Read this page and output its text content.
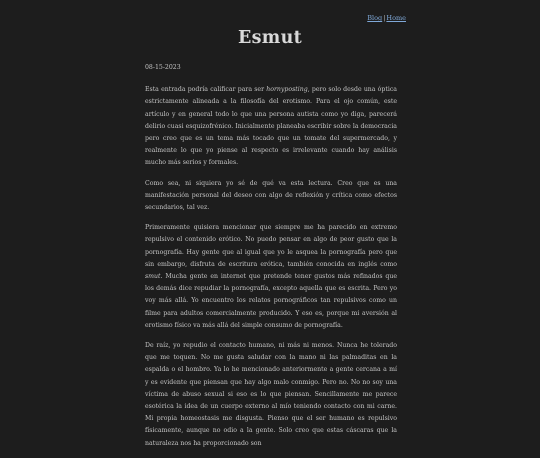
Blog|Home
Esmut
08-15-2023

Esta entrada podría calificar para ser hornyposting, pero solo desde una óptica estrictamente alineada a la filosofía del erotismo. Para el ojo común, este artículo y en general todo lo que una persona autista como yo diga, parecerá delirio cuasi esquizofrénico. Inicialmente planeaba escribir sobre la democracia pero creo que es un tema más tocado que un tomate del supermercado, y realmente lo que yo piense al respecto es irrelevante cuando hay análisis mucho más serios y formales.

Como sea, ni siquiera yo sé de qué va esta lectura. Creo que es una manifestación personal del deseo con algo de reflexión y crítica como efectos secundarios, tal vez.

Primeramente quisiera mencionar que siempre me ha parecido en extremo repulsivo el contenido erótico. No puedo pensar en algo de peor gusto que la pornografía. Hay gente que al igual que yo le asquea la pornografía pero que sin embargo, disfruta de escritura erótica, también conocida en inglés como smut. Mucha gente en internet que pretende tener gustos más refinados que los demás dice repudiar la pornografía, excepto aquella que es escrita. Pero yo voy más allá. Yo encuentro los relatos pornográficos tan repulsivos como un filme para adultos comercialmente producido. Y eso es, porque mi aversión al erotismo físico va más allá del simple consumo de pornografía.

De raíz, yo repudio el contacto humano, ni más ni menos. Nunca he tolerado que me toquen. No me gusta saludar con la mano ni las palmaditas en la espalda o el hombro. Ya lo he mencionado anteriormente a gente cercana a mí y es evidente que piensan que hay algo malo conmigo. Pero no. No no soy una víctima de abuso sexual si eso es lo que piensan. Sencillamente me parece esotérica la idea de un cuerpo externo al mío teniendo contacto con mi carne. Mi propia homeostasis me disgusta. Pienso que el ser humano es repulsivo físicamente, aunque no odio a la gente. Solo creo que estas cáscaras que la naturaleza nos ha proporcionado son
